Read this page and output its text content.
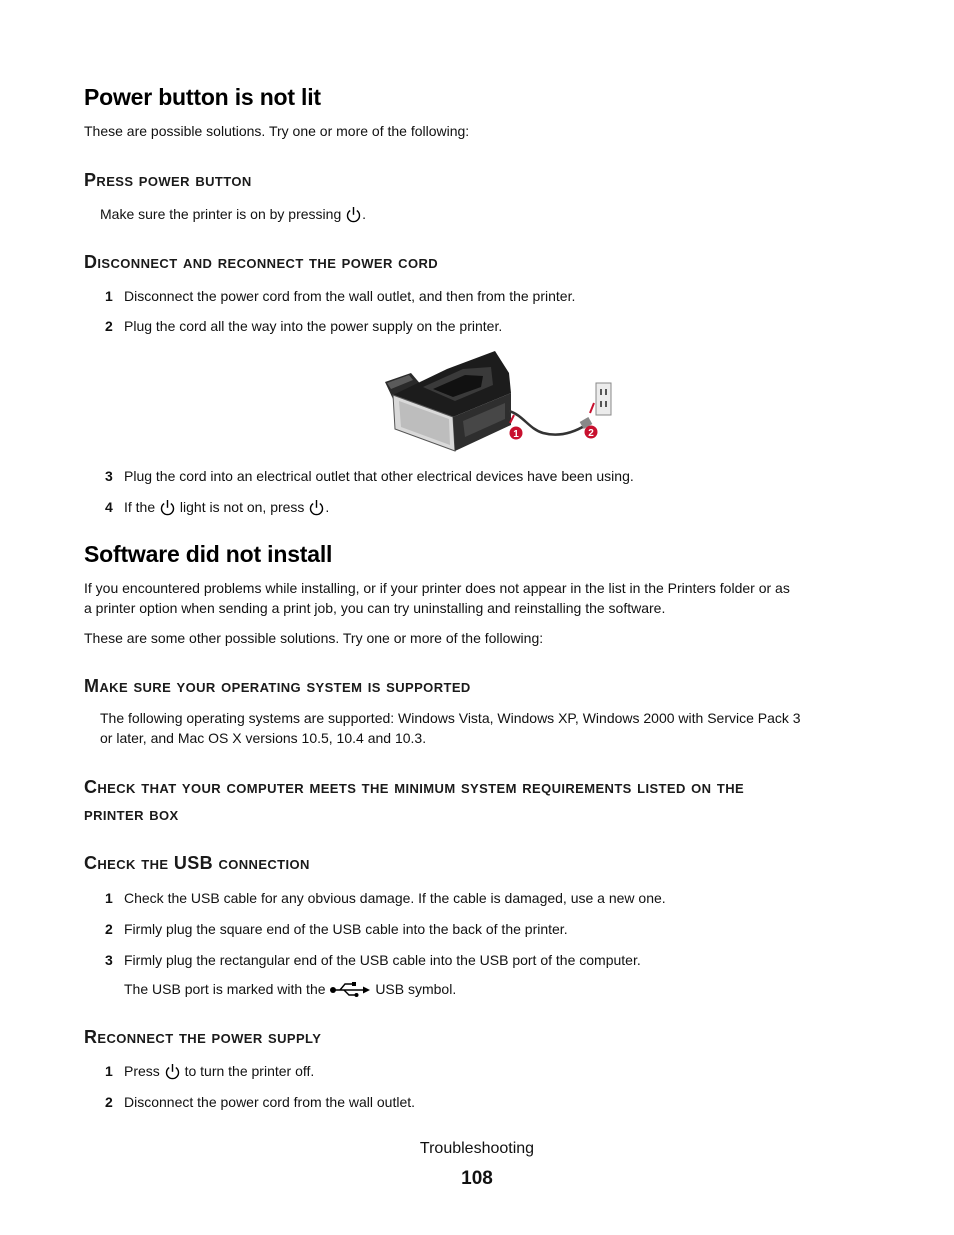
Power button is not lit
These are possible solutions. Try one or more of the following:
Press power button
Make sure the printer is on by pressing .
Disconnect and reconnect the power cord
1 Disconnect the power cord from the wall outlet, and then from the printer.
2 Plug the cord all the way into the power supply on the printer.
1	2
3 Plug the cord into an electrical outlet that other electrical devices have been using.
4 If the light is not on, press .
Software did not install
If you encountered problems while installing, or if your printer does not appear in the list in the Printers folder or as
a printer option when sending a print job, you can try uninstalling and reinstalling the software.
These are some other possible solutions. Try one or more of the following:
Make sure your operating system is supported
The following operating systems are supported: Windows Vista, Windows XP, Windows 2000 with Service Pack 3
or later, and Mac OS X versions 10.5, 10.4 and 10.3.
Check that your computer meets the minimum system requirements listed on the
printer box
Check the USB connection
1 Check the USB cable for any obvious damage. If the cable is damaged, use a new one.
2 Firmly plug the square end of the USB cable into the back of the printer.
3 Firmly plug the rectangular end of the USB cable into the USB port of the computer.
The USB port is marked with the	USB symbol.
Reconnect the power supply
1 Press to turn the printer off.
2 Disconnect the power cord from the wall outlet.
Troubleshooting
108
